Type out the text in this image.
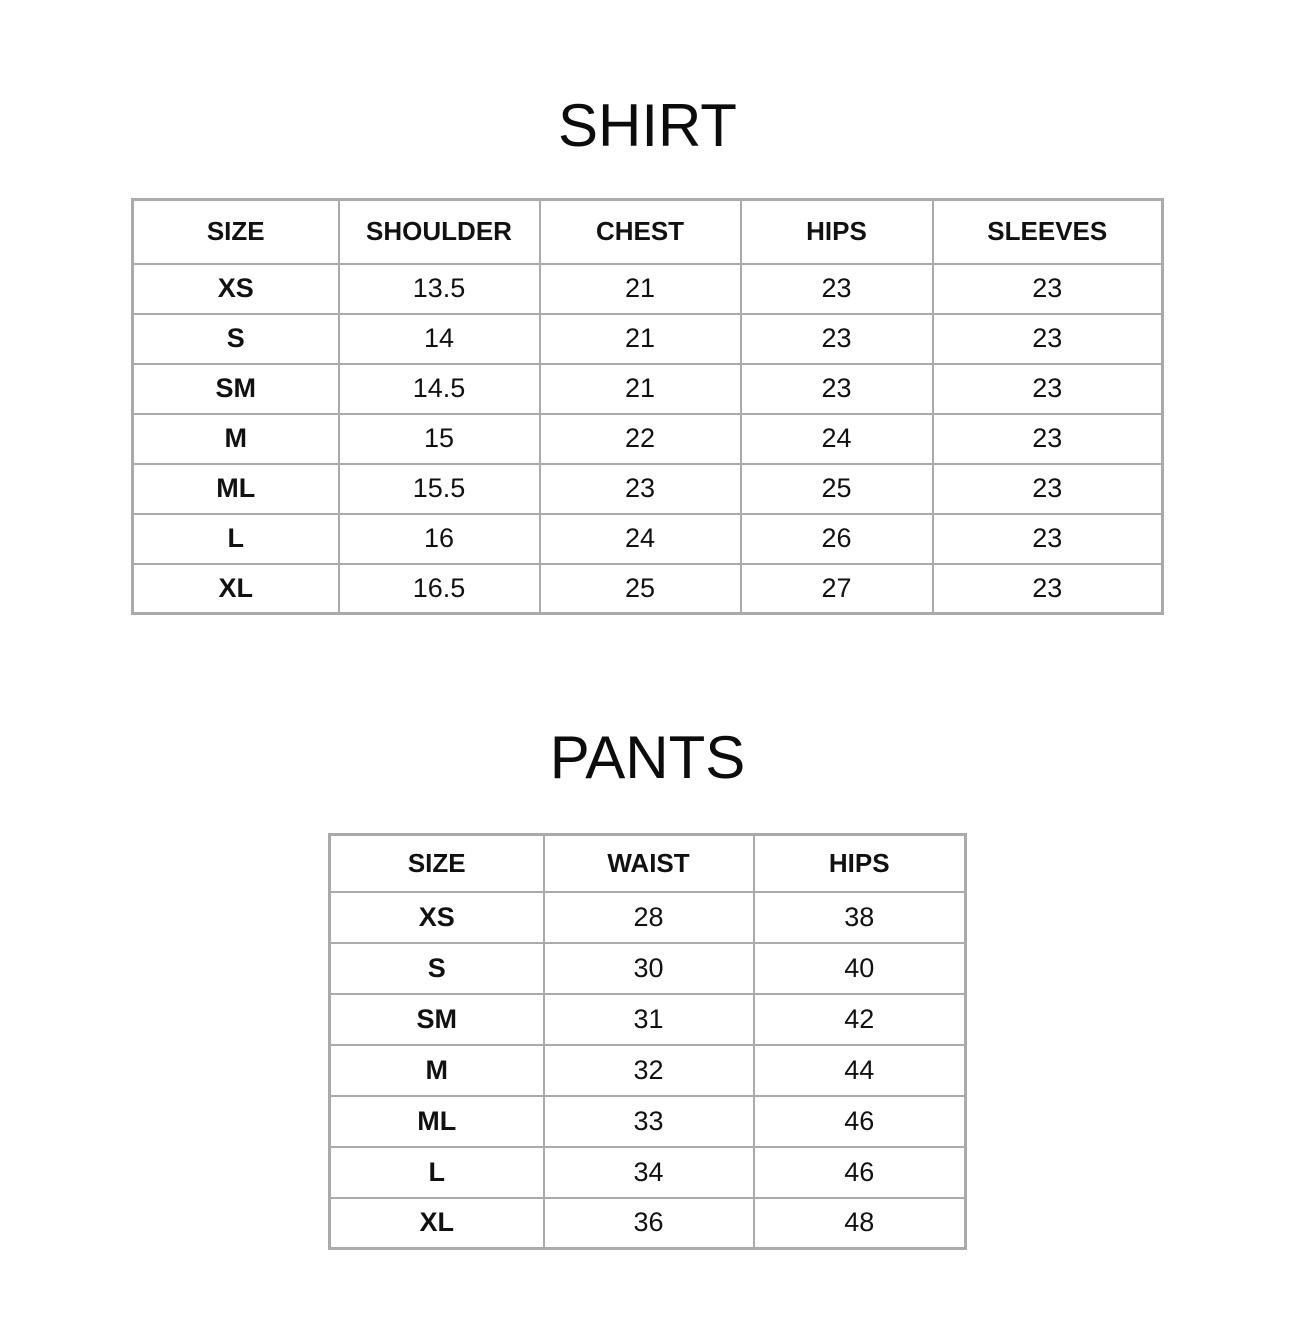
SHIRT
SIZE	SHOULDER	CHEST	HIPS	SLEEVES
XS	13.5	21	23	23
S	14	21	23	23
SM	14.5	21	23	23
M	15	22	24	23
ML	15.5	23	25	23
L	16	24	26	23
XL	16.5	25	27	23
PANTS
SIZE	WAIST	HIPS
XS	28	38
S	30	40
SM	31	42
M	32	44
ML	33	46
L	34	46
XL	36	48
